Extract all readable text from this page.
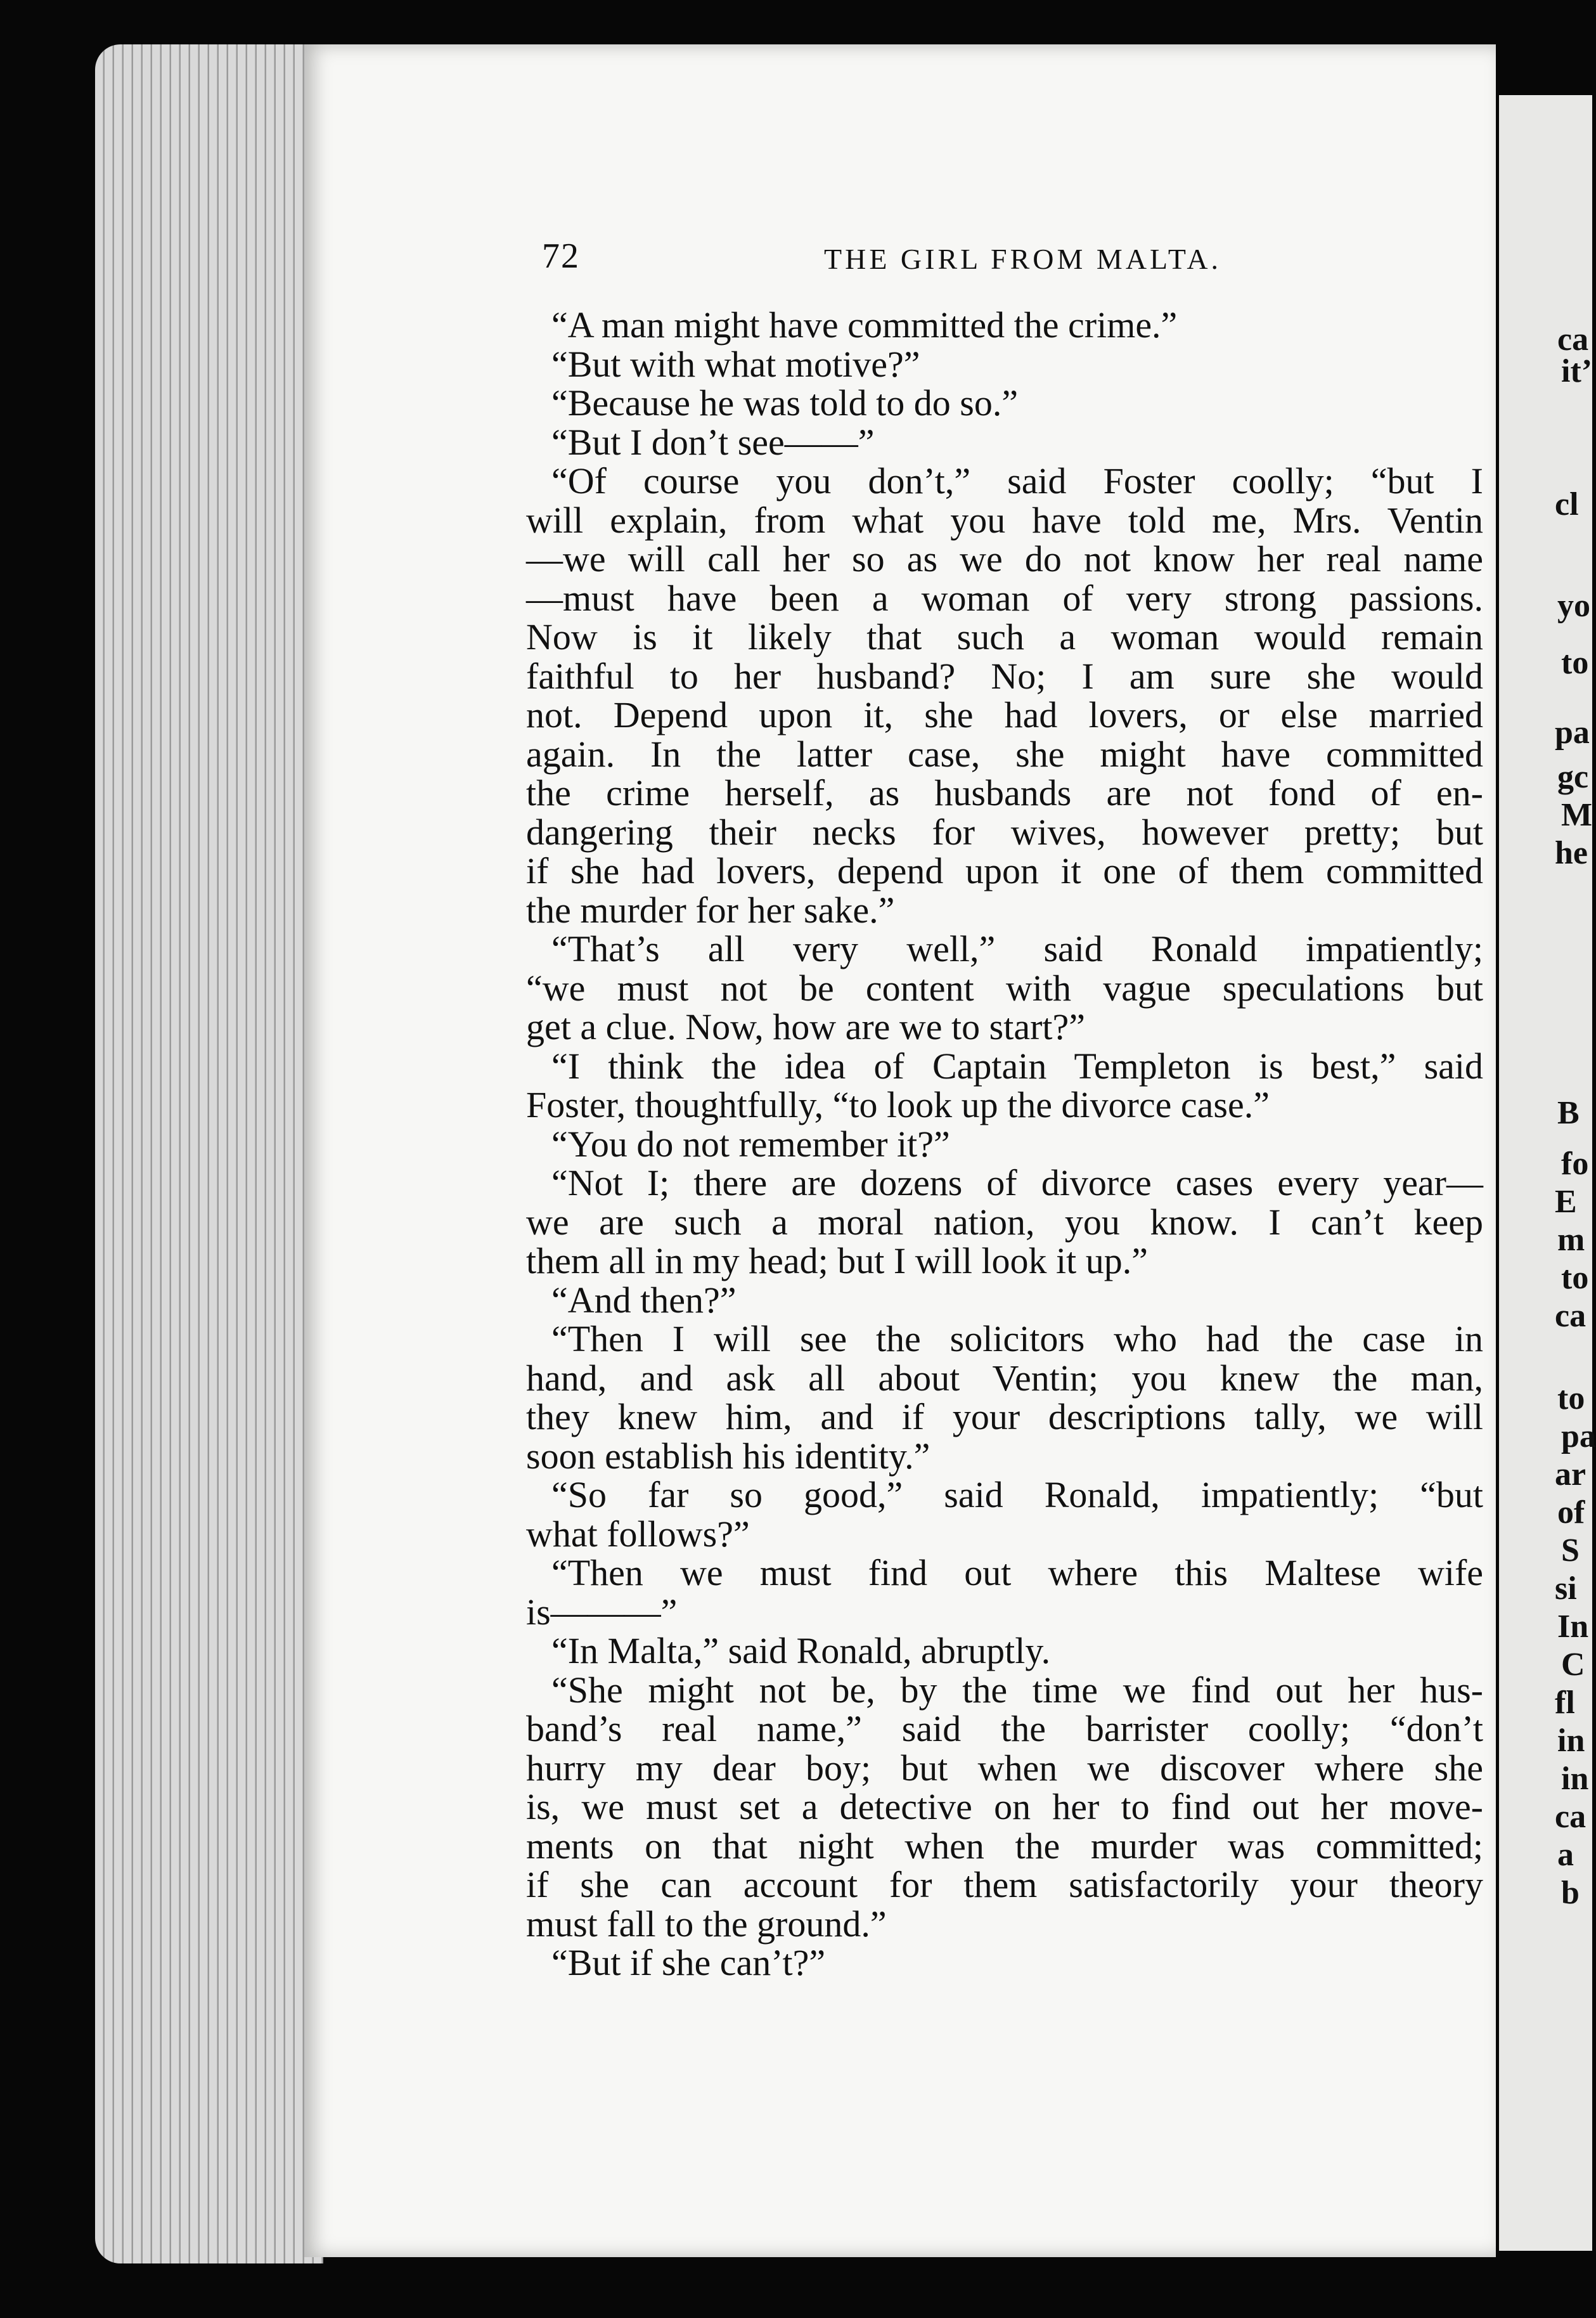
ca
it’
cl
yo
to
pa
gc
M
he
B
fo
E
m
to
ca
to
pa
ar
of
S
si
In
C
fl
in
in
ca
a
b
72	THE GIRL FROM MALTA.
“A man might have committed the crime.”
“But with what motive?”
“Because he was told to do so.”
“But I don’t see——”
“Of course you don’t,” said Foster coolly; “but I
will explain, from what you have told me, Mrs. Ventin
—we will call her so as we do not know her real name
—must have been a woman of very strong passions.
Now is it likely that such a woman would remain
faithful to her husband? No; I am sure she would
not. Depend upon it, she had lovers, or else married
again. In the latter case, she might have committed
the crime herself, as husbands are not fond of en-
dangering their necks for wives, however pretty; but
if she had lovers, depend upon it one of them committed
the murder for her sake.”
“That’s all very well,” said Ronald impatiently;
“we must not be content with vague speculations but
get a clue. Now, how are we to start?”
“I think the idea of Captain Templeton is best,” said
Foster, thoughtfully, “to look up the divorce case.”
“You do not remember it?”
“Not I; there are dozens of divorce cases every year—
we are such a moral nation, you know. I can’t keep
them all in my head; but I will look it up.”
“And then?”
“Then I will see the solicitors who had the case in
hand, and ask all about Ventin; you knew the man,
they knew him, and if your descriptions tally, we will
soon establish his identity.”
“So far so good,” said Ronald, impatiently; “but
what follows?”
“Then we must find out where this Maltese wife
is———”
“In Malta,” said Ronald, abruptly.
“She might not be, by the time we find out her hus-
band’s real name,” said the barrister coolly; “don’t
hurry my dear boy; but when we discover where she
is, we must set a detective on her to find out her move-
ments on that night when the murder was committed;
if she can account for them satisfactorily your theory
must fall to the ground.”
“But if she can’t?”
